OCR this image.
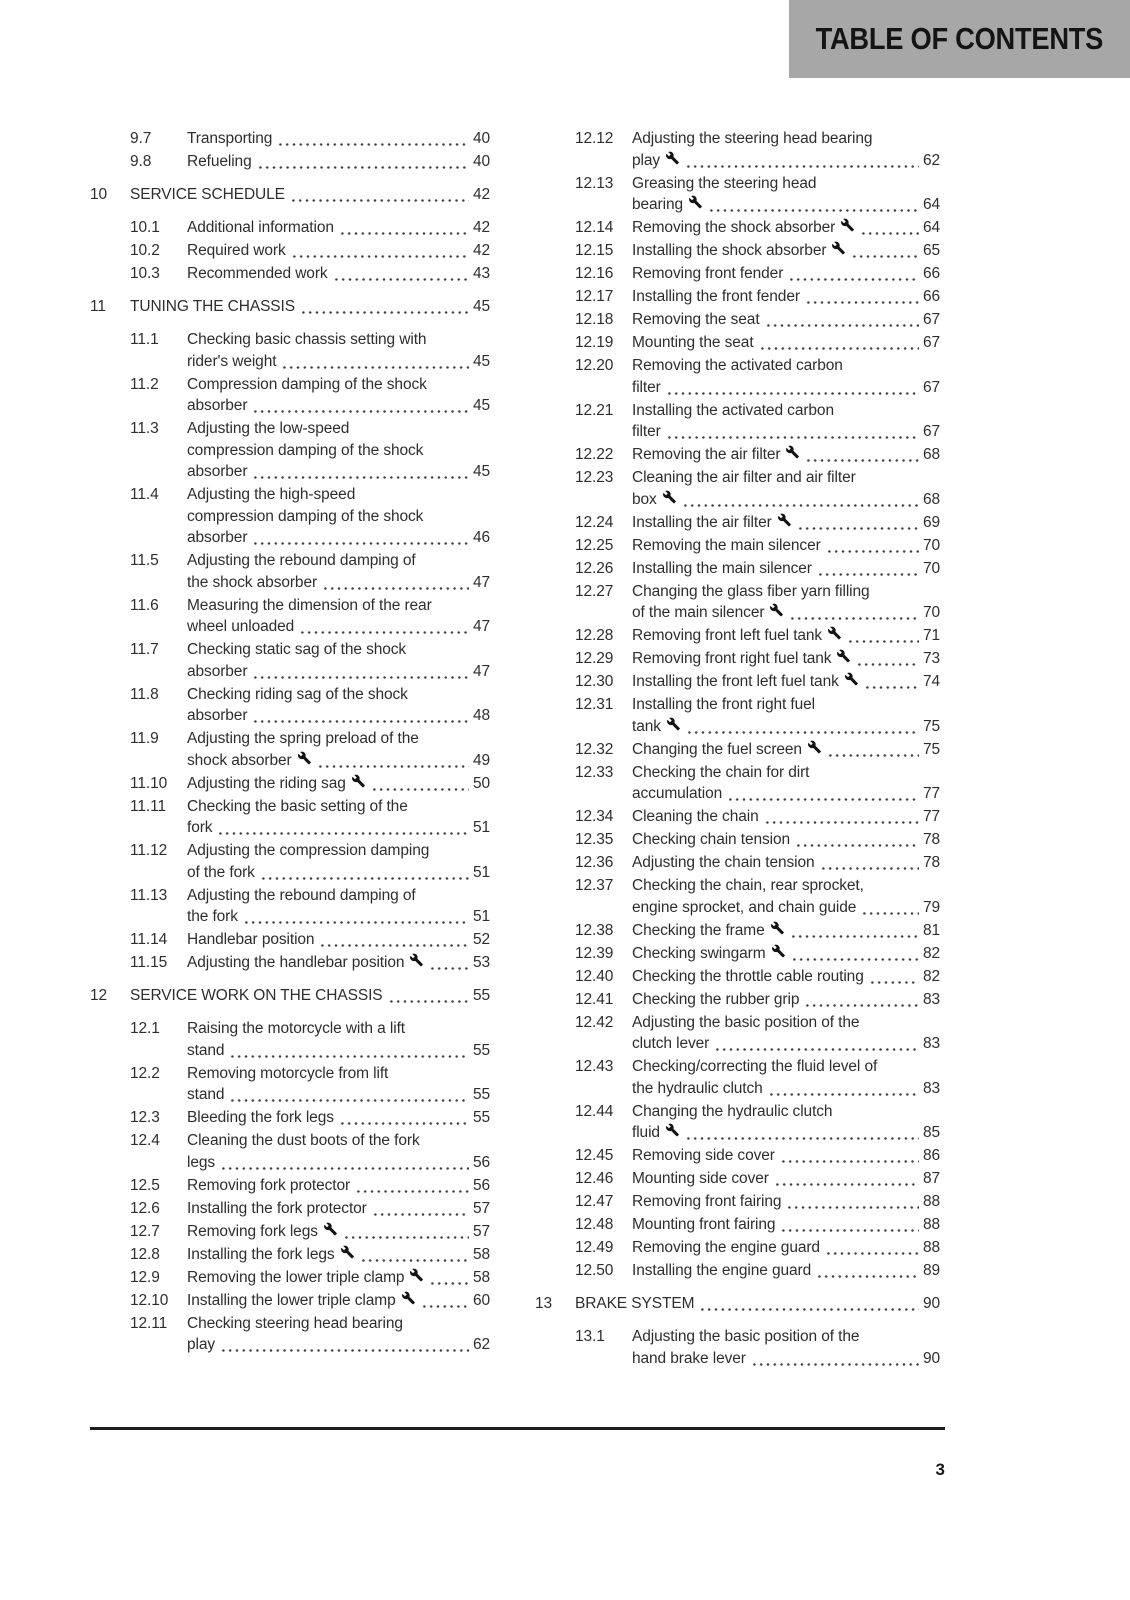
TABLE OF CONTENTS
9.7	Transporting	40
9.8	Refueling	40
10	SERVICE SCHEDULE	42
10.1	Additional information	42
10.2	Required work	42
10.3	Recommended work	43
11	TUNING THE CHASSIS	45
11.1	Checking basic chassis setting with
rider's weight	45
11.2	Compression damping of the shock
absorber	45
11.3	Adjusting the low-speed
compression damping of the shock
absorber	45
11.4	Adjusting the high-speed
compression damping of the shock
absorber	46
11.5	Adjusting the rebound damping of
the shock absorber	47
11.6	Measuring the dimension of the rear
wheel unloaded	47
11.7	Checking static sag of the shock
absorber	47
11.8	Checking riding sag of the shock
absorber	48
11.9	Adjusting the spring preload of the
shock absorber	49
11.10	Adjusting the riding sag	50
11.11	Checking the basic setting of the
fork	51
11.12	Adjusting the compression damping
of the fork	51
11.13	Adjusting the rebound damping of
the fork	51
11.14	Handlebar position	52
11.15	Adjusting the handlebar position	53
12	SERVICE WORK ON THE CHASSIS	55
12.1	Raising the motorcycle with a lift
stand	55
12.2	Removing motorcycle from lift
stand	55
12.3	Bleeding the fork legs	55
12.4	Cleaning the dust boots of the fork
legs	56
12.5	Removing fork protector	56
12.6	Installing the fork protector	57
12.7	Removing fork legs	57
12.8	Installing the fork legs	58
12.9	Removing the lower triple clamp	58
12.10	Installing the lower triple clamp	60
12.11	Checking steering head bearing
play	62
12.12	Adjusting the steering head bearing
play	62
12.13	Greasing the steering head
bearing	64
12.14	Removing the shock absorber	64
12.15	Installing the shock absorber	65
12.16	Removing front fender	66
12.17	Installing the front fender	66
12.18	Removing the seat	67
12.19	Mounting the seat	67
12.20	Removing the activated carbon
filter	67
12.21	Installing the activated carbon
filter	67
12.22	Removing the air filter	68
12.23	Cleaning the air filter and air filter
box	68
12.24	Installing the air filter	69
12.25	Removing the main silencer	70
12.26	Installing the main silencer	70
12.27	Changing the glass fiber yarn filling
of the main silencer	70
12.28	Removing front left fuel tank	71
12.29	Removing front right fuel tank	73
12.30	Installing the front left fuel tank	74
12.31	Installing the front right fuel
tank	75
12.32	Changing the fuel screen	75
12.33	Checking the chain for dirt
accumulation	77
12.34	Cleaning the chain	77
12.35	Checking chain tension	78
12.36	Adjusting the chain tension	78
12.37	Checking the chain, rear sprocket,
engine sprocket, and chain guide	79
12.38	Checking the frame	81
12.39	Checking swingarm	82
12.40	Checking the throttle cable routing	82
12.41	Checking the rubber grip	83
12.42	Adjusting the basic position of the
clutch lever	83
12.43	Checking/correcting the fluid level of
the hydraulic clutch	83
12.44	Changing the hydraulic clutch
fluid	85
12.45	Removing side cover	86
12.46	Mounting side cover	87
12.47	Removing front fairing	88
12.48	Mounting front fairing	88
12.49	Removing the engine guard	88
12.50	Installing the engine guard	89
13	BRAKE SYSTEM	90
13.1	Adjusting the basic position of the
hand brake lever	90
3
